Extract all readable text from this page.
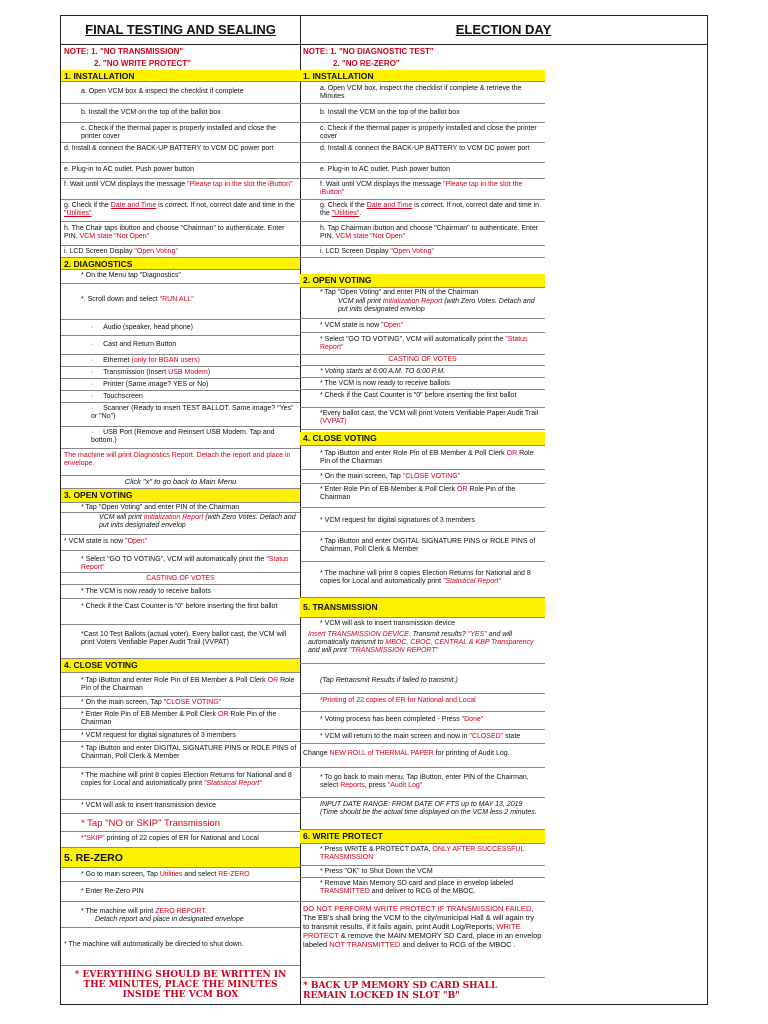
FINAL TESTING AND SEALING
NOTE: 1. "NO TRANSMISSION"
2. "NO WRITE PROTECT"
1. INSTALLATION
a. Open VCM box & inspect the checklist if complete
b. Install the VCM on the top of the ballot box
c. Check if the thermal paper is properly installed and close the printer cover
d. Install & connect the BACK-UP BATTERY to VCM DC power port
e. Plug-in to AC outlet. Push power button
f. Wait until VCM displays the message "Please tap in the slot the iButton"
g. Check if the Date and Time is correct. If not, correct date and time in the "Utilities".
h. The Chair taps ibutton and choose "Chairman" to authenticate. Enter PIN. VCM state "Not Open"
i. LCD Screen Display "Open Voting"
2. DIAGNOSTICS
* On the Menu tap "Diagnostics"
*. Scroll down and select "RUN ALL"
·     Audio (speaker, head phone)
·     Cast and Return Button
·     Ethernet (only for BGAN users)
·     Transmission (Insert USB Modem)
·     Printer (Same image? YES or No)
·     Touchscreen
·     Scanner (Ready to insert TEST BALLOT. Same image? "Yes" or "No")
·     USB Port (Remove and Reinsert USB Modem. Tap and bottom.)
The machine will print Diagnostics Report. Detach the report and place in envelope.
Click "x" to go back to Main Menu
3. OPEN VOTING
* Tap "Open Voting" and enter PIN of the Chairman
VCM will print Initialization Report (with Zero Votes. Detach and put inits designated envelop
* VCM state is now "Open"
* Select "GO TO VOTING", VCM will automatically print the "Status Report"
CASTING OF VOTES
* The VCM is now ready to receive ballots
* Check if the Cast Counter is "0" before inserting the first ballot
*Cast 10 Test Ballots (actual voter). Every ballot cast, the VCM will print Voters Verifiable Paper Audit Trail (VVPAT)
4. CLOSE VOTING
* Tap iButton and enter Role Pin of EB Member & Poll Clerk OR Role Pin of the Chairman
* On the main screen, Tap "CLOSE VOTING"
* Enter Role Pin of EB Member & Poll Clerk OR Role Pin of the Chairman
* VCM request for digital signatures of 3 members
* Tap iButton and enter DIGITAL SIGNATURE PINS or ROLE PINS of Chairman, Poll Clerk & Member
* The machine will print 8 copies Election Returns for National and 8 copies for Local and automatically print "Statistical Report"
* VCM will ask to insert transmission device
* Tap "NO or SKIP" Transmission
*"SKIP" printing of 22 copies of ER for National and Local
5. RE-ZERO
* Go to main screen, Tap Utilities and select RE-ZERO
* Enter Re-Zero PIN
* The machine will print ZERO REPORT.
Detach report and place in designated envelope
* The machine will automatically be directed to shut down.
* EVERYTHING SHOULD BE WRITTEN IN THE MINUTES, PLACE THE MINUTES INSIDE THE VCM BOX
ELECTION DAY
NOTE: 1. "NO DIAGNOSTIC TEST"
2. "NO RE-ZERO"
1. INSTALLATION
a. Open VCM box, inspect the checklist if complete & retrieve the Minutes
b. Install the VCM on the top of the ballot box
c. Check if the thermal paper is properly installed and close the printer cover
d. Install & connect the BACK-UP BATTERY to VCM DC power port
e. Plug-in to AC outlet. Push power button
f. Wait until VCM displays the message "Please tap in the slot the iButton"
g. Check if the Date and Time is correct. If not, correct date and time in the "Utilities".
h. Tap Chairman ibutton and choose "Chairman" to authenticate. Enter PIN. VCM state "Not Open"
i. LCD Screen Display "Open Voting"
2. OPEN VOTING
* Tap "Open Voting" and enter PIN of the Chairman
VCM will print Initialization Report (with Zero Votes. Detach and put inits designated envelop
* VCM state is now "Open"
* Select "GO TO VOTING", VCM will automatically print the "Status Report"
CASTING OF VOTES
* Voting starts at 6:00 A.M. TO 6:00 P.M.
* The VCM is now ready to receive ballots
* Check if the Cast Counter is "0" before inserting the first ballot
*Every ballot cast, the VCM will print Voters Verifiable Paper Audit Trail (VVPAT)
4. CLOSE VOTING
* Tap iButton and enter Role Pin of EB Member & Poll Clerk OR Role Pin of the Chairman
* On the main screen, Tap "CLOSE VOTING"
* Enter Role Pin of EB Member & Poll Clerk OR Role Pin of the Chairman
* VCM request for digital signatures of 3 members
* Tap iButton and enter DIGITAL SIGNATURE PINS or ROLE PINS of Chairman, Poll Clerk & Member
* The machine will print 8 copies Election Returns for National and 8 copies for Local and automatically print "Statistical Report"
5. TRANSMISSION
* VCM will ask to insert transmission device
Insert TRANSMISSION DEVICE. Transmit results? "YES" and will automatically transmit to MBOC, CBOC, CENTRAL & KBP Transparency and will print "TRANSMISSION REPORT"
(Tap Retransmit Results if failed to transmit.)
*Printing of 22 copies of ER for National and Local
* Voting process has been completed - Press "Done"
* VCM will return to the main screen and now in "CLOSED" state
Change NEW ROLL of THERMAL PAPER for printing of Audit Log.
* To go back to main menu, Tap iButton, enter PIN of the Chairman, select Reports, press "Audit Log"
INPUT DATE RANGE: FROM DATE OF FTS up to MAY 13, 2019 (Time should be the actual time displayed on the VCM less 2 minutes.
6. WRITE PROTECT
* Press WRITE & PROTECT DATA, ONLY AFTER SUCCESSFUL TRANSMISSION
* Press "OK" to Shut Down the VCM
* Remove Main Memory SD card and place in envelop labeled TRANSMITTED and deliver to RCG of the MBOC.
DO NOT PERFORM WRITE PROTECT IF TRANSMISSION FAILED, The EB's shall bring the VCM to the city/municipal Hall & will again try to transmit results, if it fails again, print Audit Log/Reports, WRITE PROTECT & remove the MAIN MEMORY SD Card, place in an envelop labeled NOT TRANSMITTED and deliver to RCG of the MBOC .
* BACK UP MEMORY SD CARD SHALL REMAIN LOCKED IN SLOT "B"
